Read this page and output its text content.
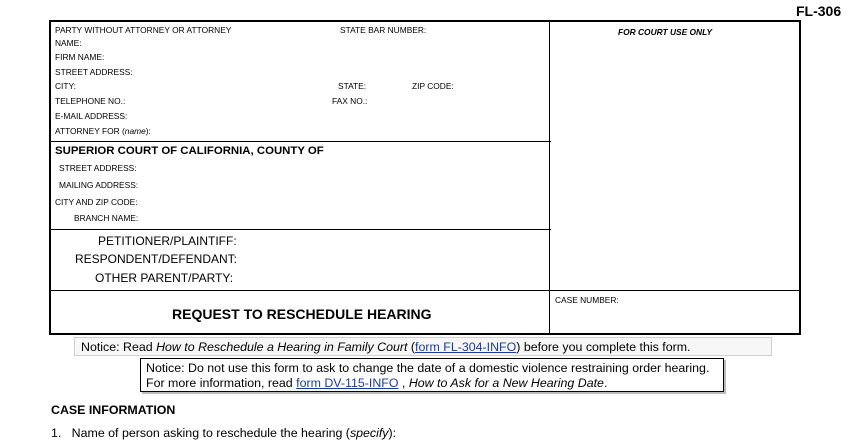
FL-306
PARTY WITHOUT ATTORNEY OR ATTORNEY	STATE BAR NUMBER:
NAME:
FIRM NAME:
STREET ADDRESS:
CITY:	STATE:	ZIP CODE:
TELEPHONE NO.:	FAX NO.:
E-MAIL ADDRESS:
ATTORNEY FOR (name):
FOR COURT USE ONLY
SUPERIOR COURT OF CALIFORNIA, COUNTY OF
STREET ADDRESS:
MAILING ADDRESS:
CITY AND ZIP CODE:
BRANCH NAME:
PETITIONER/PLAINTIFF:
RESPONDENT/DEFENDANT:
OTHER PARENT/PARTY:
REQUEST TO RESCHEDULE HEARING
CASE NUMBER:
Notice: Read How to Reschedule a Hearing in Family Court (form FL-304-INFO) before you complete this form.
Notice: Do not use this form to ask to change the date of a domestic violence restraining order hearing.
For more information, read form DV-115-INFO , How to Ask for a New Hearing Date.
CASE INFORMATION
1. Name of person asking to reschedule the hearing (specify):
